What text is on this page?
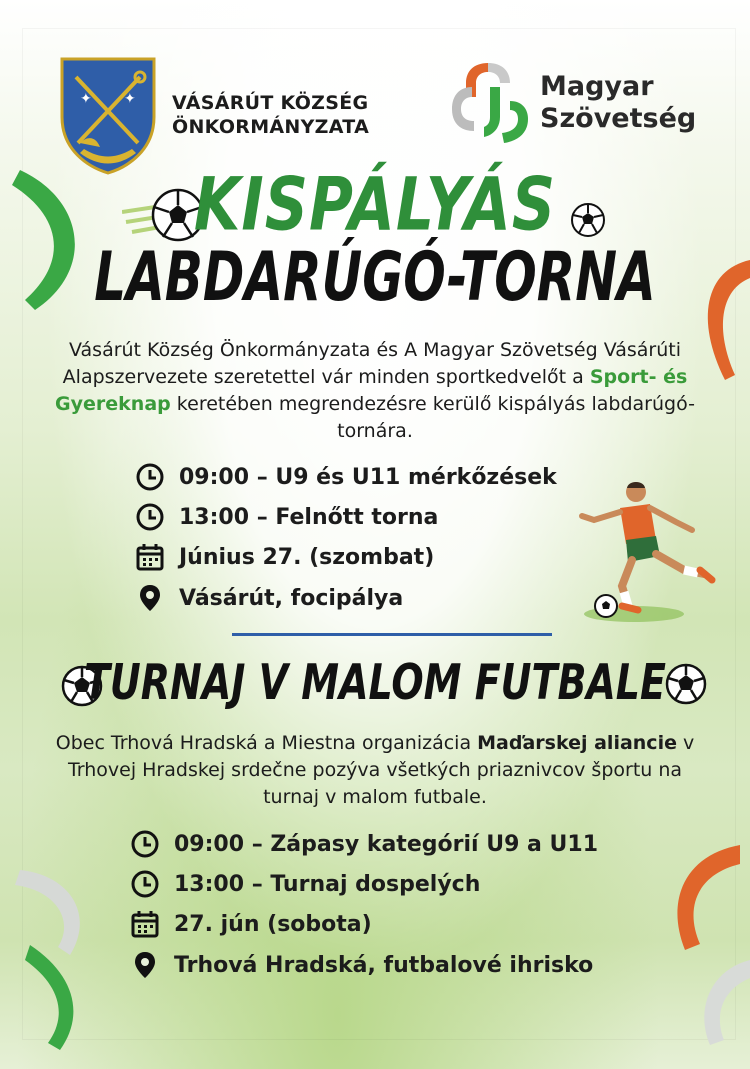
✦ ✦ VÁSÁRÚT KÖZSÉG
ÖNKORMÁNYZATA
Magyar
Szövetség
KISPÁLYÁS
LABDARÚGÓ-TORNA
Vásárút Község Önkormányzata és A Magyar Szövetség Vásárúti Alapszervezete szeretettel vár minden sportkedvelőt a Sport- és Gyereknap keretében megrendezésre kerülő kispályás labdarúgó-tornára.
09:00 – U9 és U11 mérkőzések
13:00 – Felnőtt torna
Június 27. (szombat)
Vásárút, focipálya
TURNAJ V MALOM FUTBALE
Obec Trhová Hradská a Miestna organizácia Maďarskej aliancie v Trhovej Hradskej srdečne pozýva všetkých priaznivcov športu na turnaj v malom futbale.
09:00 – Zápasy kategórií U9 a U11
13:00 – Turnaj dospelých
27. jún (sobota)
Trhová Hradská, futbalové ihrisko
